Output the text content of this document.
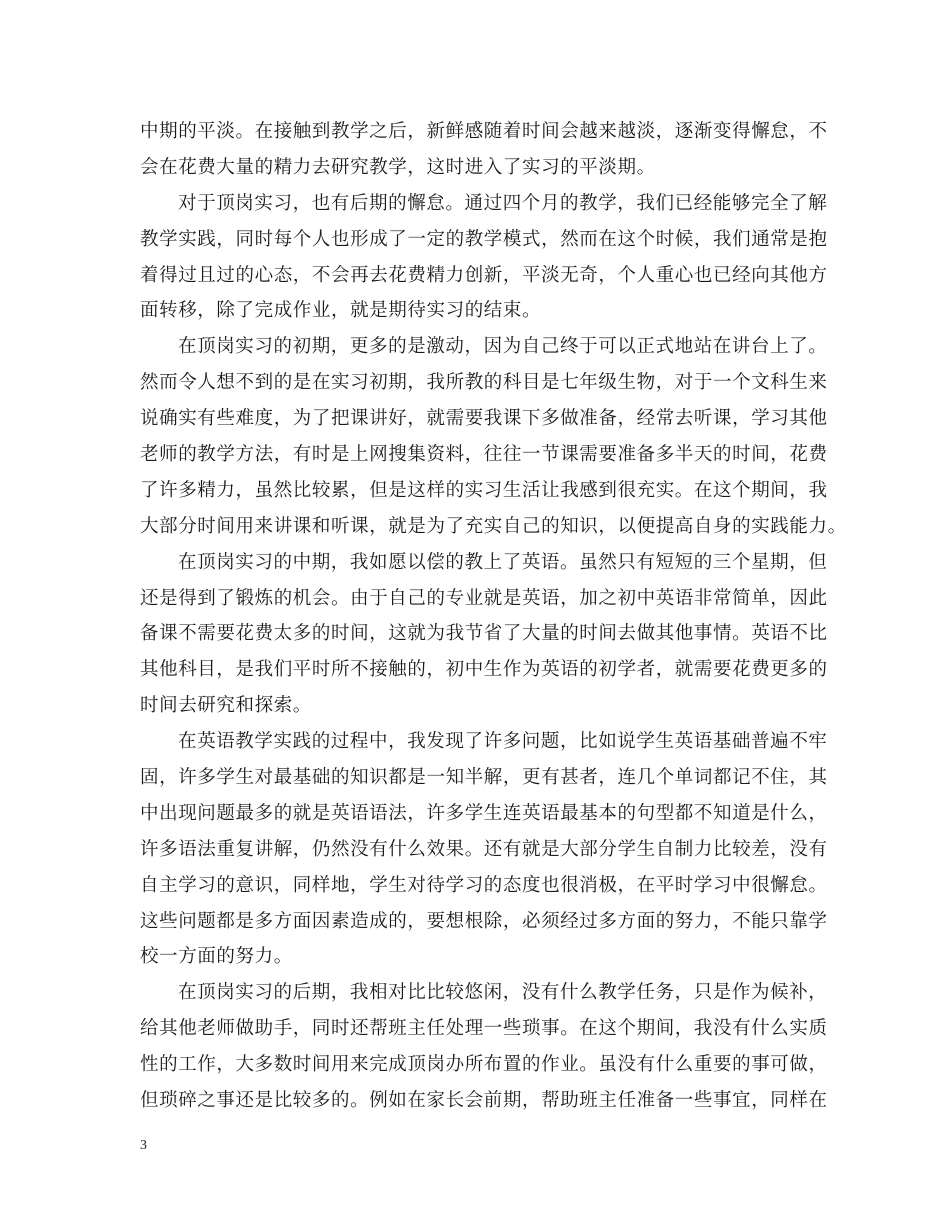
中期的平淡。在接触到教学之后，新鲜感随着时间会越来越淡，逐渐变得懈怠，不
会在花费大量的精力去研究教学，这时进入了实习的平淡期。
对于顶岗实习，也有后期的懈怠。通过四个月的教学，我们已经能够完全了解
教学实践，同时每个人也形成了一定的教学模式，然而在这个时候，我们通常是抱
着得过且过的心态，不会再去花费精力创新，平淡无奇，个人重心也已经向其他方
面转移，除了完成作业，就是期待实习的结束。
在顶岗实习的初期，更多的是激动，因为自己终于可以正式地站在讲台上了。
然而令人想不到的是在实习初期，我所教的科目是七年级生物，对于一个文科生来
说确实有些难度，为了把课讲好，就需要我课下多做准备，经常去听课，学习其他
老师的教学方法，有时是上网搜集资料，往往一节课需要准备多半天的时间，花费
了许多精力，虽然比较累，但是这样的实习生活让我感到很充实。在这个期间，我
大部分时间用来讲课和听课，就是为了充实自己的知识，以便提高自身的实践能力。
在顶岗实习的中期，我如愿以偿的教上了英语。虽然只有短短的三个星期，但
还是得到了锻炼的机会。由于自己的专业就是英语，加之初中英语非常简单，因此
备课不需要花费太多的时间，这就为我节省了大量的时间去做其他事情。英语不比
其他科目，是我们平时所不接触的，初中生作为英语的初学者，就需要花费更多的
时间去研究和探索。
在英语教学实践的过程中，我发现了许多问题，比如说学生英语基础普遍不牢
固，许多学生对最基础的知识都是一知半解，更有甚者，连几个单词都记不住，其
中出现问题最多的就是英语语法，许多学生连英语最基本的句型都不知道是什么，
许多语法重复讲解，仍然没有什么效果。还有就是大部分学生自制力比较差，没有
自主学习的意识，同样地，学生对待学习的态度也很消极，在平时学习中很懈怠。
这些问题都是多方面因素造成的，要想根除，必须经过多方面的努力，不能只靠学
校一方面的努力。
在顶岗实习的后期，我相对比比较悠闲，没有什么教学任务，只是作为候补，
给其他老师做助手，同时还帮班主任处理一些琐事。在这个期间，我没有什么实质
性的工作，大多数时间用来完成顶岗办所布置的作业。虽没有什么重要的事可做，
但琐碎之事还是比较多的。例如在家长会前期，帮助班主任准备一些事宜，同样在
3
